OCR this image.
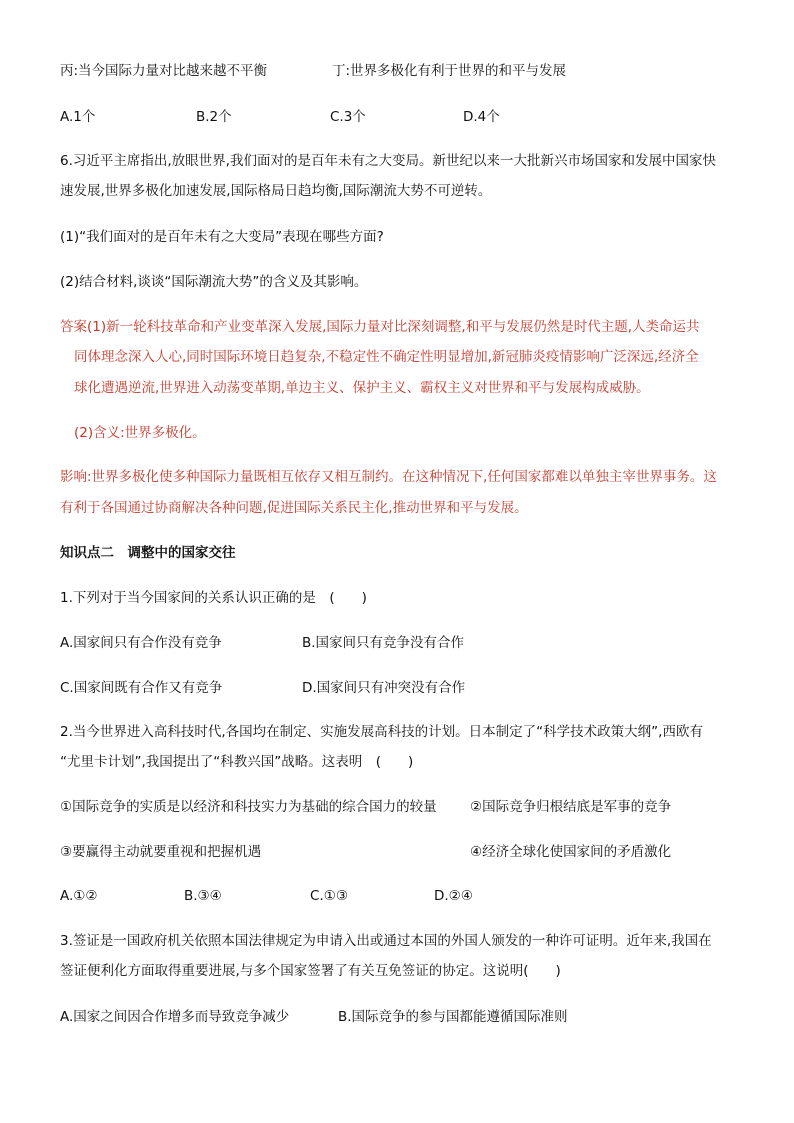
丙:当今国际力量对比越来越不平衡	丁:世界多极化有利于世界的和平与发展
A.1个	B.2个	C.3个	D.4个
6.习近平主席指出,放眼世界,我们面对的是百年未有之大变局。新世纪以来一大批新兴市场国家和发展中国家快
速发展,世界多极化加速发展,国际格局日趋均衡,国际潮流大势不可逆转。
(1)“我们面对的是百年未有之大变局”表现在哪些方面?
(2)结合材料,谈谈“国际潮流大势”的含义及其影响。
答案(1)新一轮科技革命和产业变革深入发展,国际力量对比深刻调整,和平与发展仍然是时代主题,人类命运共
同体理念深入人心,同时国际环境日趋复杂,不稳定性不确定性明显增加,新冠肺炎疫情影响广泛深远,经济全
球化遭遇逆流,世界进入动荡变革期,单边主义、保护主义、霸权主义对世界和平与发展构成威胁。
(2)含义:世界多极化。
影响:世界多极化使多种国际力量既相互依存又相互制约。在这种情况下,任何国家都难以单独主宰世界事务。这
有利于各国通过协商解决各种问题,促进国际关系民主化,推动世界和平与发展。
知识点二　调整中的国家交往
1.下列对于当今国家间的关系认识正确的是　(　　)
A.国家间只有合作没有竞争	B.国家间只有竞争没有合作
C.国家间既有合作又有竞争	D.国家间只有冲突没有合作
2.当今世界进入高科技时代,各国均在制定、实施发展高科技的计划。日本制定了“科学技术政策大纲”,西欧有
“尤里卡计划”,我国提出了“科教兴国”战略。这表明　(　　)
①国际竞争的实质是以经济和科技实力为基础的综合国力的较量 ②国际竞争归根结底是军事的竞争
③要赢得主动就要重视和把握机遇	④经济全球化使国家间的矛盾激化
A.①②	B.③④	C.①③	D.②④
3.签证是一国政府机关依照本国法律规定为申请入出或通过本国的外国人颁发的一种许可证明。近年来,我国在
签证便利化方面取得重要进展,与多个国家签署了有关互免签证的协定。这说明(　　)
A.国家之间因合作增多而导致竞争减少	B.国际竞争的参与国都能遵循国际准则
